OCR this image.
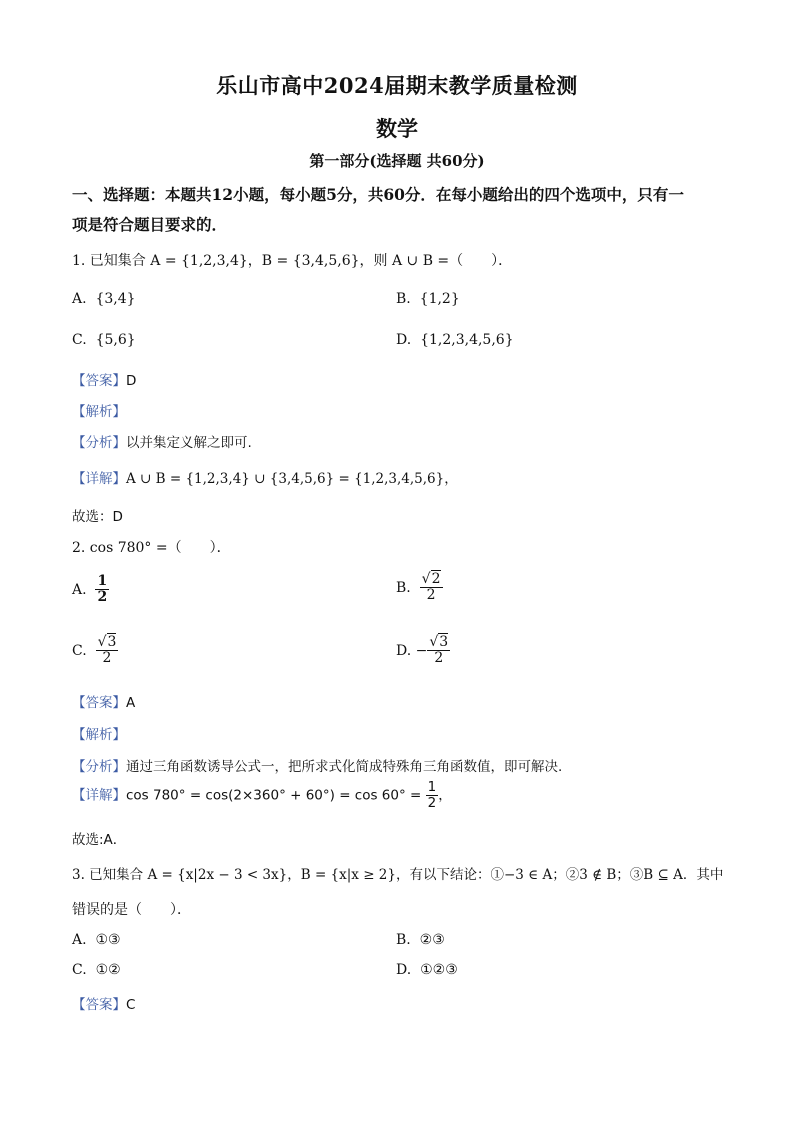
乐山市高中2024届期末教学质量检测
数学
第一部分(选择题 共60分)
一、选择题：本题共12小题，每小题5分，共60分．在每小题给出的四个选项中，只有一
项是符合题目要求的．
1. 已知集合 A = {1,2,3,4}，B = {3,4,5,6}，则 A ∪ B =（　　）．
A. {3,4}	B. {1,2}
C. {5,6}	D. {1,2,3,4,5,6}
【答案】D
【解析】
【分析】以并集定义解之即可.
【详解】A ∪ B = {1,2,3,4} ∪ {3,4,5,6} = {1,2,3,4,5,6}，
故选：D
2. cos 780° =（　　）．
A. $\frac{1}{2}$	B. $\frac{√2}{2}$
C. $\frac{√3}{2}$	D. − $\frac{√3}{2}$
【答案】A
【解析】
【分析】通过三角函数诱导公式一，把所求式化简成特殊角三角函数值，即可解决.
【详解】$\cos 780^\circ = \cos(2\times 360^\circ + 60^\circ) = \cos 60^\circ = \frac{1}{2}$ ，
故选:A．
3. 已知集合 A = {x|2x − 3 < 3x}，B = {x|x ≥ 2}，有以下结论：①−3 ∈ A；②3 ∉ B；③B ⊆ A．其中
错误的是（　　）．
A. ①③	B. ②③
C. ①②	D. ①②③
【答案】C
